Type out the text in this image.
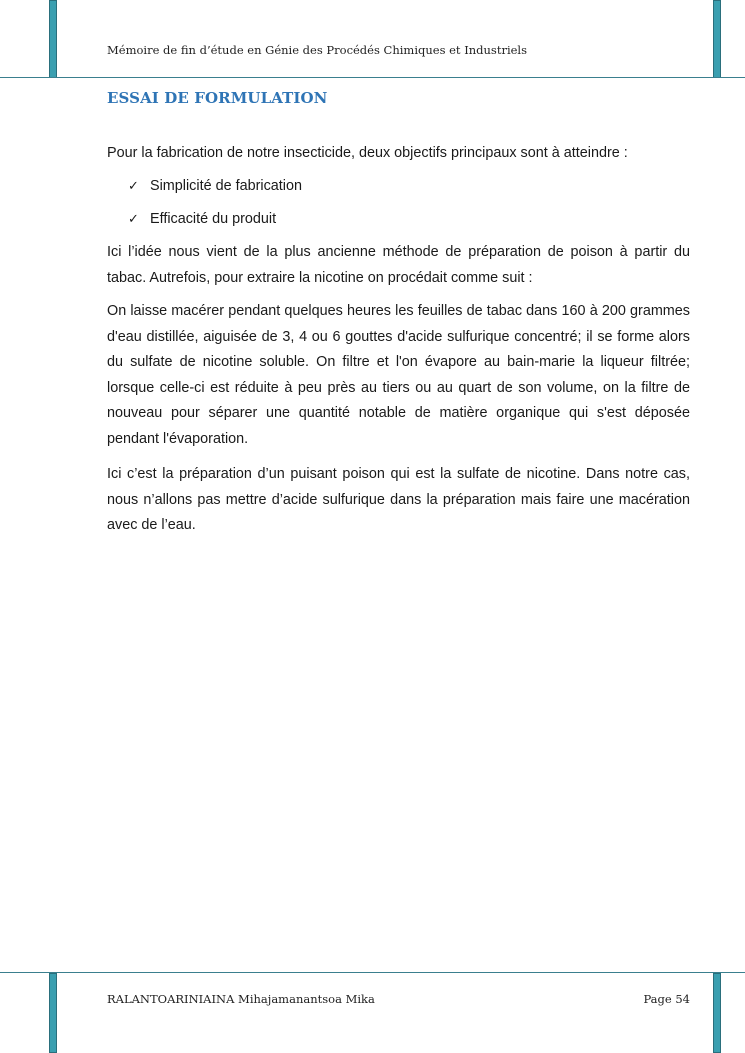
Mémoire de fin d’étude en Génie des Procédés Chimiques et Industriels
ESSAI DE FORMULATION

Pour la fabrication de notre insecticide, deux objectifs principaux sont à atteindre :

✓ Simplicité de fabrication
✓ Efficacité du produit

Ici l’idée nous vient de la plus ancienne méthode de préparation de poison à partir du tabac. Autrefois, pour extraire la nicotine on procédait comme suit :

On laisse macérer pendant quelques heures les feuilles de tabac dans 160 à 200 grammes d'eau distillée, aiguisée de 3, 4 ou 6 gouttes d'acide sulfurique concentré; il se forme alors du sulfate de nicotine soluble. On filtre et l'on évapore au bain-marie la liqueur filtrée; lorsque celle-ci est réduite à peu près au tiers ou au quart de son volume, on la filtre de nouveau pour séparer une quantité notable de matière organique qui s'est déposée pendant l'évaporation.

Ici c’est la préparation d’un puisant poison qui est la sulfate de nicotine. Dans notre cas, nous n’allons pas mettre d’acide sulfurique dans la préparation mais faire une macération avec de l’eau.

RALANTOARINIAINA Mihajamanantsoa Mika	Page 54
